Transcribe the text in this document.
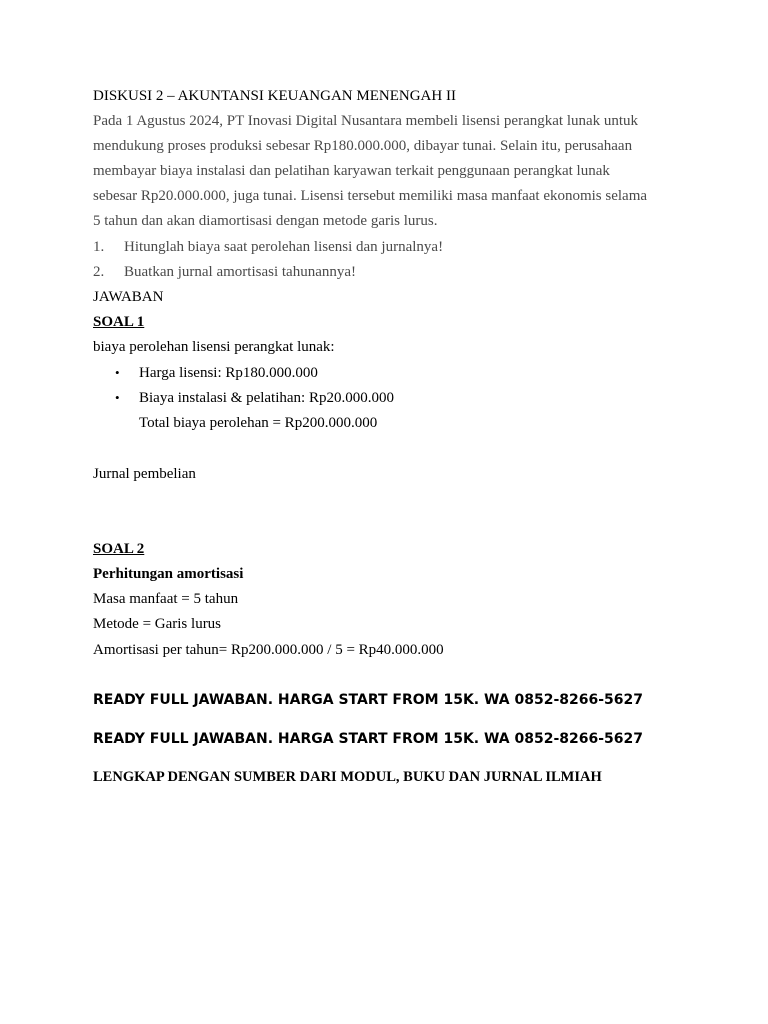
DISKUSI 2 – AKUNTANSI KEUANGAN MENENGAH II
Pada 1 Agustus 2024, PT Inovasi Digital Nusantara membeli lisensi perangkat lunak untuk
mendukung proses produksi sebesar Rp180.000.000, dibayar tunai. Selain itu, perusahaan
membayar biaya instalasi dan pelatihan karyawan terkait penggunaan perangkat lunak
sebesar Rp20.000.000, juga tunai. Lisensi tersebut memiliki masa manfaat ekonomis selama
5 tahun dan akan diamortisasi dengan metode garis lurus.
1. Hitunglah biaya saat perolehan lisensi dan jurnalnya!
2. Buatkan jurnal amortisasi tahunannya!
JAWABAN
SOAL 1
biaya perolehan lisensi perangkat lunak:
• Harga lisensi: Rp180.000.000
• Biaya instalasi & pelatihan: Rp20.000.000
Total biaya perolehan = Rp200.000.000
Jurnal pembelian
SOAL 2
Perhitungan amortisasi
Masa manfaat = 5 tahun
Metode = Garis lurus
Amortisasi per tahun= Rp200.000.000 / 5 = Rp40.000.000
READY FULL JAWABAN. HARGA START FROM 15K. WA 0852-8266-5627
READY FULL JAWABAN. HARGA START FROM 15K. WA 0852-8266-5627
LENGKAP DENGAN SUMBER DARI MODUL, BUKU DAN JURNAL ILMIAH
